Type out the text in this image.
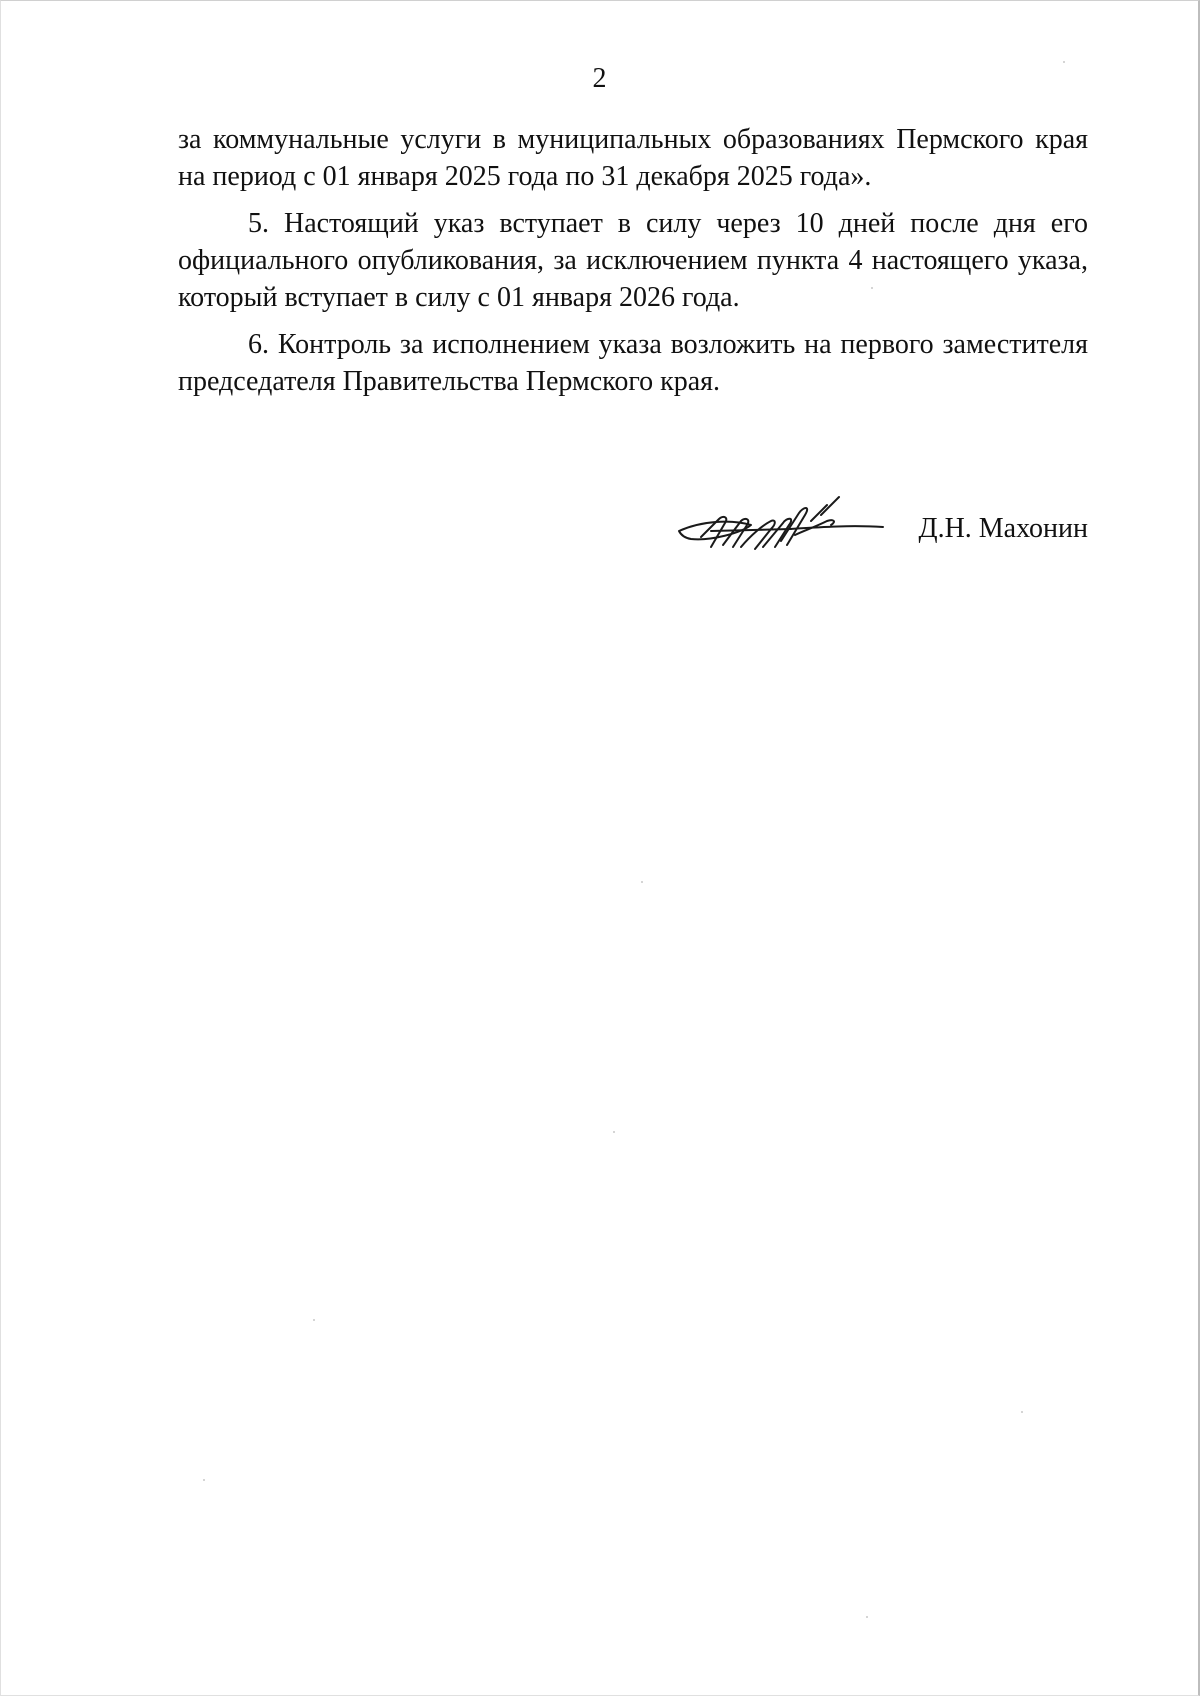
2

за коммунальные услуги в муниципальных образованиях Пермского края на период с 01 января 2025 года по 31 декабря 2025 года».

5. Настоящий указ вступает в силу через 10 дней после дня его официального опубликования, за исключением пункта 4 настоящего указа, который вступает в силу с 01 января 2026 года.

6. Контроль за исполнением указа возложить на первого заместителя председателя Правительства Пермского края.

Д.Н. Махонин
